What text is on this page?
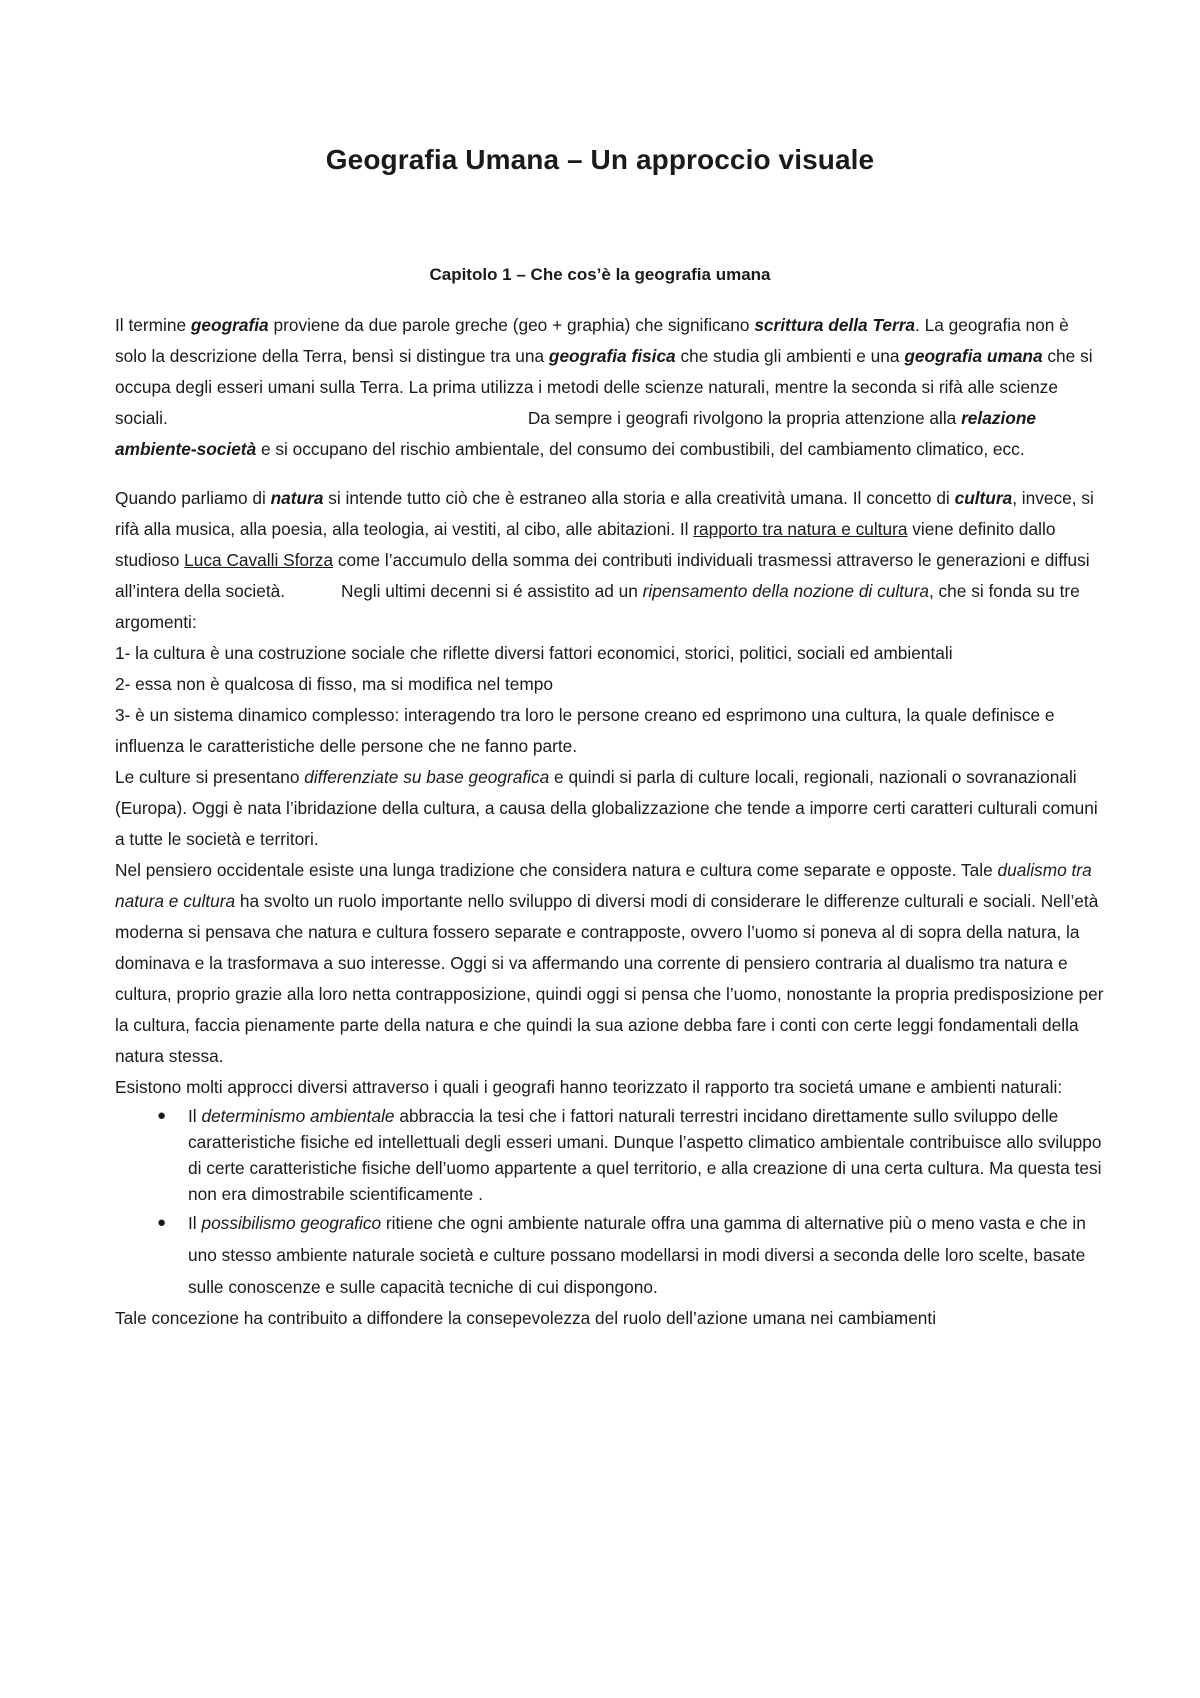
Geografia Umana – Un approccio visuale
Capitolo 1 – Che cos’è la geografia umana

Il termine geografia proviene da due parole greche (geo + graphia) che significano scrittura della Terra. La geografia non è solo la descrizione della Terra, bensì si distingue tra una geografia fisica che studia gli ambienti e una geografia umana che si occupa degli esseri umani sulla Terra. La prima utilizza i metodi delle scienze naturali, mentre la seconda si rifà alle scienze
sociali.	Da sempre i geografi rivolgono la propria attenzione alla relazione ambiente-società e si occupano del rischio ambientale, del consumo dei combustibili, del cambiamento climatico, ecc.

Quando parliamo di natura si intende tutto ciò che è estraneo alla storia e alla creatività umana. Il concetto di cultura, invece, si rifà alla musica, alla poesia, alla teologia, ai vestiti, al cibo, alle abitazioni. Il rapporto tra natura e cultura viene definito dallo studioso Luca Cavalli Sforza come l’accumulo della somma dei contributi individuali trasmessi attraverso le generazioni e diffusi all’intera della società.	Negli ultimi decenni si é assistito ad un ripensamento della nozione di cultura, che si fonda su tre argomenti:

1- la cultura è una costruzione sociale che riflette diversi fattori economici, storici, politici, sociali ed ambientali

2- essa non è qualcosa di fisso, ma si modifica nel tempo

3- è un sistema dinamico complesso: interagendo tra loro le persone creano ed esprimono una cultura, la quale definisce e influenza le caratteristiche delle persone che ne fanno parte.

Le culture si presentano differenziate su base geografica e quindi si parla di culture locali, regionali, nazionali o sovranazionali (Europa). Oggi è nata l’ibridazione della cultura, a causa della globalizzazione che tende a imporre certi caratteri culturali comuni a tutte le società e territori.

Nel pensiero occidentale esiste una lunga tradizione che considera natura e cultura come separate e opposte. Tale dualismo tra natura e cultura ha svolto un ruolo importante nello sviluppo di diversi modi di considerare le differenze culturali e sociali. Nell’età moderna si pensava che natura e cultura fossero separate e contrapposte, ovvero l’uomo si poneva al di sopra della natura, la dominava e la trasformava a suo interesse. Oggi si va affermando una corrente di pensiero contraria al dualismo tra natura e cultura, proprio grazie alla loro netta contrapposizione, quindi oggi si pensa che l’uomo, nonostante la propria predisposizione per la cultura, faccia pienamente parte della natura e che quindi la sua azione debba fare i conti con certe leggi fondamentali della natura stessa.

Esistono molti approcci diversi attraverso i quali i geografi hanno teorizzato il rapporto tra societá umane e ambienti naturali:

● Il determinismo ambientale abbraccia la tesi che i fattori naturali terrestri incidano direttamente sullo sviluppo delle caratteristiche fisiche ed intellettuali degli esseri umani. Dunque l’aspetto climatico ambientale contribuisce allo sviluppo di certe caratteristiche fisiche dell’uomo appartente a quel territorio, e alla creazione di una certa cultura. Ma questa tesi non era dimostrabile scientificamente .
● Il possibilismo geografico ritiene che ogni ambiente naturale offra una gamma di alternative più o meno vasta e che in uno stesso ambiente naturale società e culture possano modellarsi in modi diversi a seconda delle loro scelte, basate sulle conoscenze e sulle capacità tecniche di cui dispongono.

Tale concezione ha contribuito a diffondere la consepevolezza del ruolo dell’azione umana nei cambiamenti
